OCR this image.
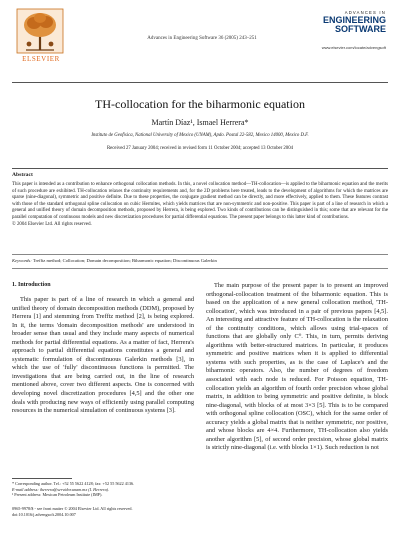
ELSEVIER
Advances in Engineering Software 36 (2005) 243–251
ADVANCES IN
ENGINEERING
SOFTWARE
www.elsevier.com/locate/advengsoft
TH-collocation for the biharmonic equation
Martín Díaz¹, Ismael Herrera*
Instituto de Geofisica, National University of Mexico (UNAM), Apdo. Postal 22-582, Mexico 14000, Mexico D.F.
Received 27 January 2004; received in revised form 11 October 2004; accepted 13 October 2004
Abstract
This paper is intended as a contribution to enhance orthogonal collocation methods. In this, a novel collocation method—TH-collocation—is applied to the biharmonic equation and the merits of such procedure are exhibited. TH-collocation relaxes the continuity requirements and, for the 2D problems here treated, leads to the development of algorithms for which the matrices are sparse (nine-diagonal), symmetric and positive definite. Due to these properties, the conjugate gradient method can be directly, and more effectively, applied to them. These features contrast with those of the standard orthogonal spline collocation on cubic Hermites, which yields matrices that are non-symmetric and non-positive. This paper is part of a line of research in which a general and unified theory of domain decomposition methods, proposed by Herrera, is being explored. Two kinds of contributions can be distinguished in this; some that are relevant for the parallel computation of continuous models and new discretization procedures for partial differential equations. The present paper belongs to this latter kind of contributions.
© 2004 Elsevier Ltd. All rights reserved.
Keywords: Trefftz method; Collocation; Domain decomposition; Biharmonic equation; Discontinuous Galerkin
1. Introduction

This paper is part of a line of research in which a general and unified theory of domain decomposition methods (DDM), proposed by Herrera [1] and stemming from Trefftz method [2], is being explored. In it, the terms 'domain decomposition methods' are understood in broader sense than usual and they include many aspects of numerical methods for partial differential equations. As a matter of fact, Herrera's approach to partial differential equations constitutes a general and systematic formulation of discontinuous Galerkin methods [3], in which the use of 'fully' discontinuous functions is permitted. The investigations that are being carried out, in the line of research mentioned above, cover two different aspects. One is concerned with developing novel discretization procedures [4,5] and the other one deals with producing new ways of efficiently using parallel computing resources in the numerical simulation of continuous systems [3].

The main purpose of the present paper is to present an improved orthogonal-collocation treatment of the biharmonic equation. This is based on the application of a new general collocation method, 'TH-collocation', which was introduced in a pair of previous papers [4,5]. An interesting and attractive feature of TH-collocation is the relaxation of the continuity conditions, which allows using trial-spaces of functions that are globally only C⁰. This, in turn, permits deriving algorithms with better-structured matrices. In particular, it produces symmetric and positive matrices when it is applied to differential systems with such properties, as is the case of Laplace's and the biharmonic operators. Also, the number of degrees of freedom associated with each node is reduced. For Poisson equation, TH-collocation yields an algorithm of fourth order precision whose global matrix, in addition to being symmetric and positive definite, is block nine-diagonal, with blocks of at most 3×3 [5]. This is to be compared with orthogonal spline collocation (OSC), which for the same order of accuracy yields a global matrix that is neither symmetric, nor positive, and whose blocks are 4×4. Furthermore, TH-collocation also yields another algorithm [5], of second order precision, whose global matrix is strictly nine-diagonal (i.e. with blocks 1×1). Such reduction is not

* Corresponding author. Tel.: +52 55 5622 4128; fax: +52 55 5622 4136.
E-mail address: iherrera@servidor.unam.mx (I. Herrera).
¹ Present address: Mexican Petroleum Institute (IMP).
0965-9978/$ - see front matter © 2004 Elsevier Ltd. All rights reserved.
doi:10.1016/j.advengsoft.2004.10.007
